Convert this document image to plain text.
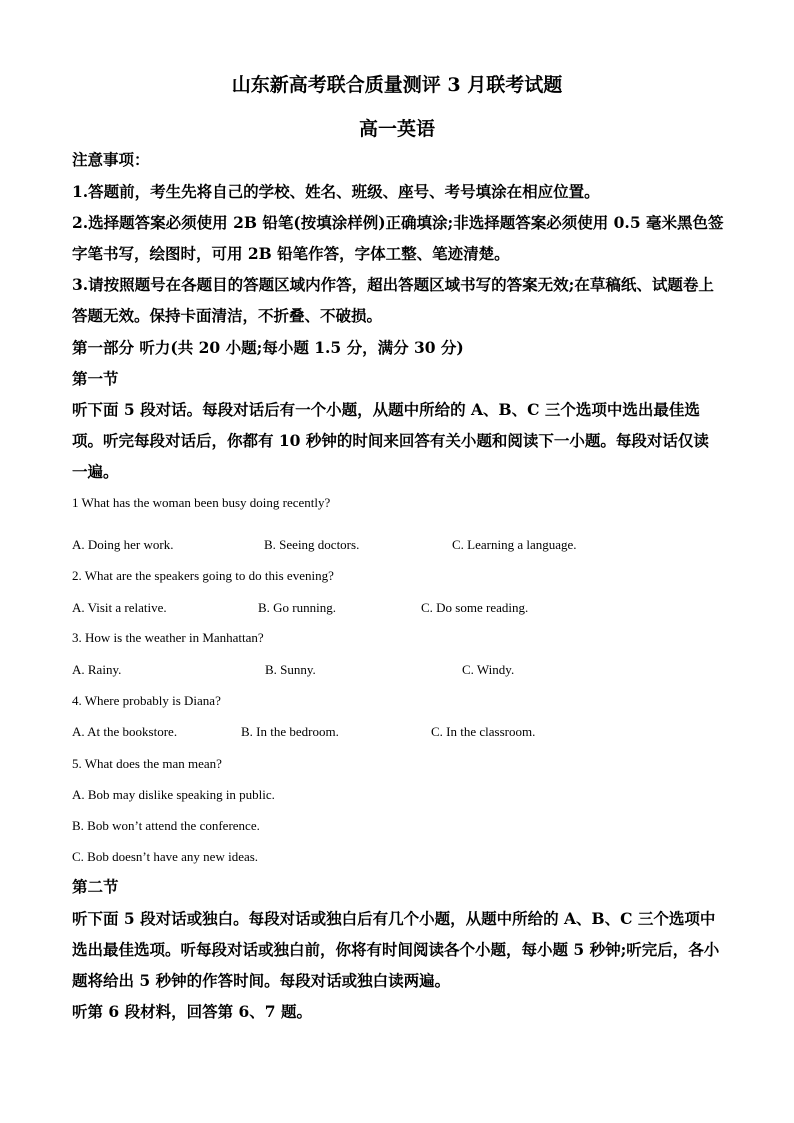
山东新高考联合质量测评 3 月联考试题
高一英语
注意事项：
1.答题前，考生先将自己的学校、姓名、班级、座号、考号填涂在相应位置。
2.选择题答案必须使用 2B 铅笔(按填涂样例)正确填涂;非选择题答案必须使用 0.5 毫米黑色签字笔书写，绘图时，可用 2B 铅笔作答，字体工整、笔迹清楚。
3.请按照题号在各题目的答题区域内作答，超出答题区域书写的答案无效;在草稿纸、试题卷上答题无效。保持卡面清洁，不折叠、不破损。
第一部分 听力(共 20 小题;每小题 1.5 分，满分 30 分)
第一节
听下面 5 段对话。每段对话后有一个小题，从题中所给的 A、B、C 三个选项中选出最佳选项。听完每段对话后，你都有 10 秒钟的时间来回答有关小题和阅读下一小题。每段对话仅读一遍。
1 What has the woman been busy doing recently?
A. Doing her work.	B. Seeing doctors.	C. Learning a language.
2. What are the speakers going to do this evening?
A. Visit a relative.	B. Go running.	C. Do some reading.
3. How is the weather in Manhattan?
A. Rainy.	B. Sunny.	C. Windy.
4. Where probably is Diana?
A. At the bookstore.	B. In the bedroom.	C. In the classroom.
5. What does the man mean?
A. Bob may dislike speaking in public.
B. Bob won’t attend the conference.
C. Bob doesn’t have any new ideas.
第二节
听下面 5 段对话或独白。每段对话或独白后有几个小题，从题中所给的 A、B、C 三个选项中选出最佳选项。听每段对话或独白前，你将有时间阅读各个小题，每小题 5 秒钟;听完后，各小题将给出 5 秒钟的作答时间。每段对话或独白读两遍。
听第 6 段材料，回答第 6、7 题。
